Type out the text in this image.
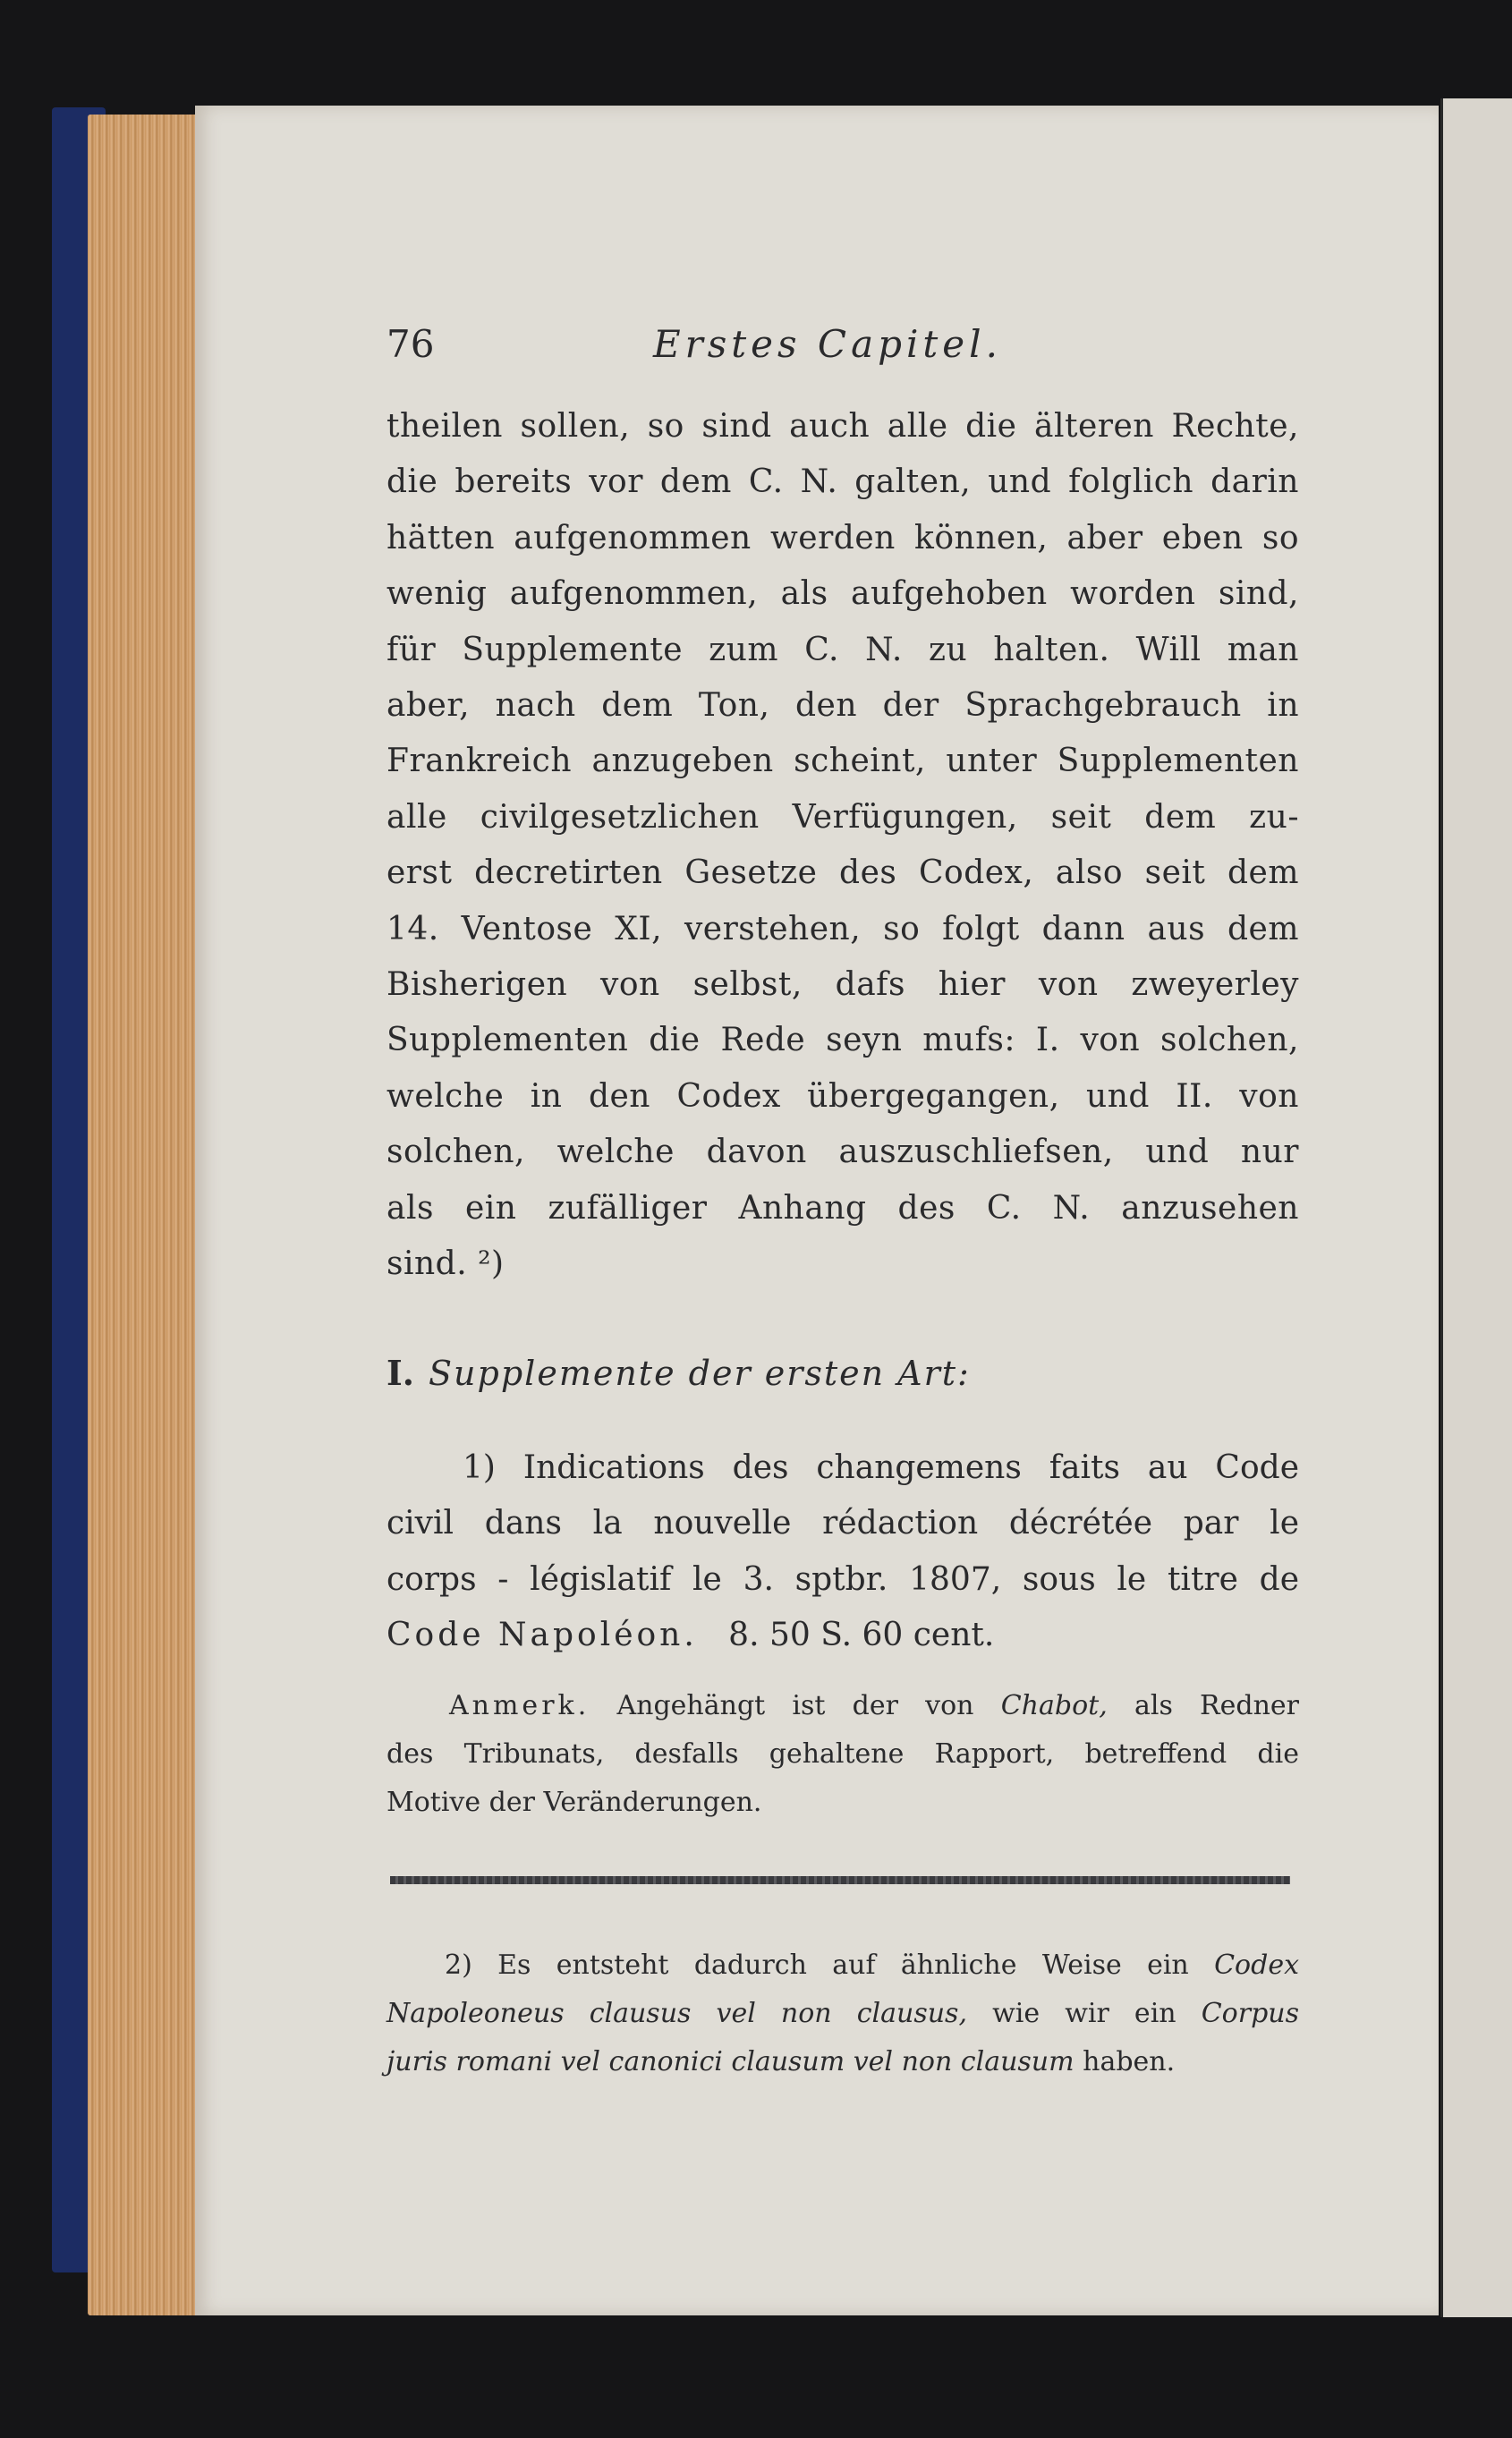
76	Erstes Capitel.
theilen sollen, so sind auch alle die älteren Rechte,
die bereits vor dem C. N. galten, und folglich darin
hätten aufgenommen werden können, aber eben so
wenig aufgenommen, als aufgehoben worden sind,
für Supplemente zum C. N. zu halten. Will man
aber, nach dem Ton, den der Sprachgebrauch in
Frankreich anzugeben scheint, unter Supplementen
alle civilgesetzlichen Verfügungen, seit dem zu-
erst decretirten Gesetze des Codex, also seit dem
14. Ventose XI, verstehen, so folgt dann aus dem
Bisherigen von selbst, dafs hier von zweyerley
Supplementen die Rede seyn mufs: I. von solchen,
welche in den Codex übergegangen, und II. von
solchen, welche davon auszuschliefsen, und nur
als ein zufälliger Anhang des C. N. anzusehen
sind. ²)
I. Supplemente der ersten Art:
1) Indications des changemens faits au Code
civil dans la nouvelle rédaction décrétée par le
corps - législatif le 3. sptbr. 1807, sous le titre de
Code Napoléon. 8. 50 S. 60 cent.
Anmerk. Angehängt ist der von Chabot, als Redner
des Tribunats, desfalls gehaltene Rapport, betreffend die
Motive der Veränderungen.
2) Es entsteht dadurch auf ähnliche Weise ein Codex
Napoleoneus clausus vel non clausus, wie wir ein Corpus
juris romani vel canonici clausum vel non clausum haben.
